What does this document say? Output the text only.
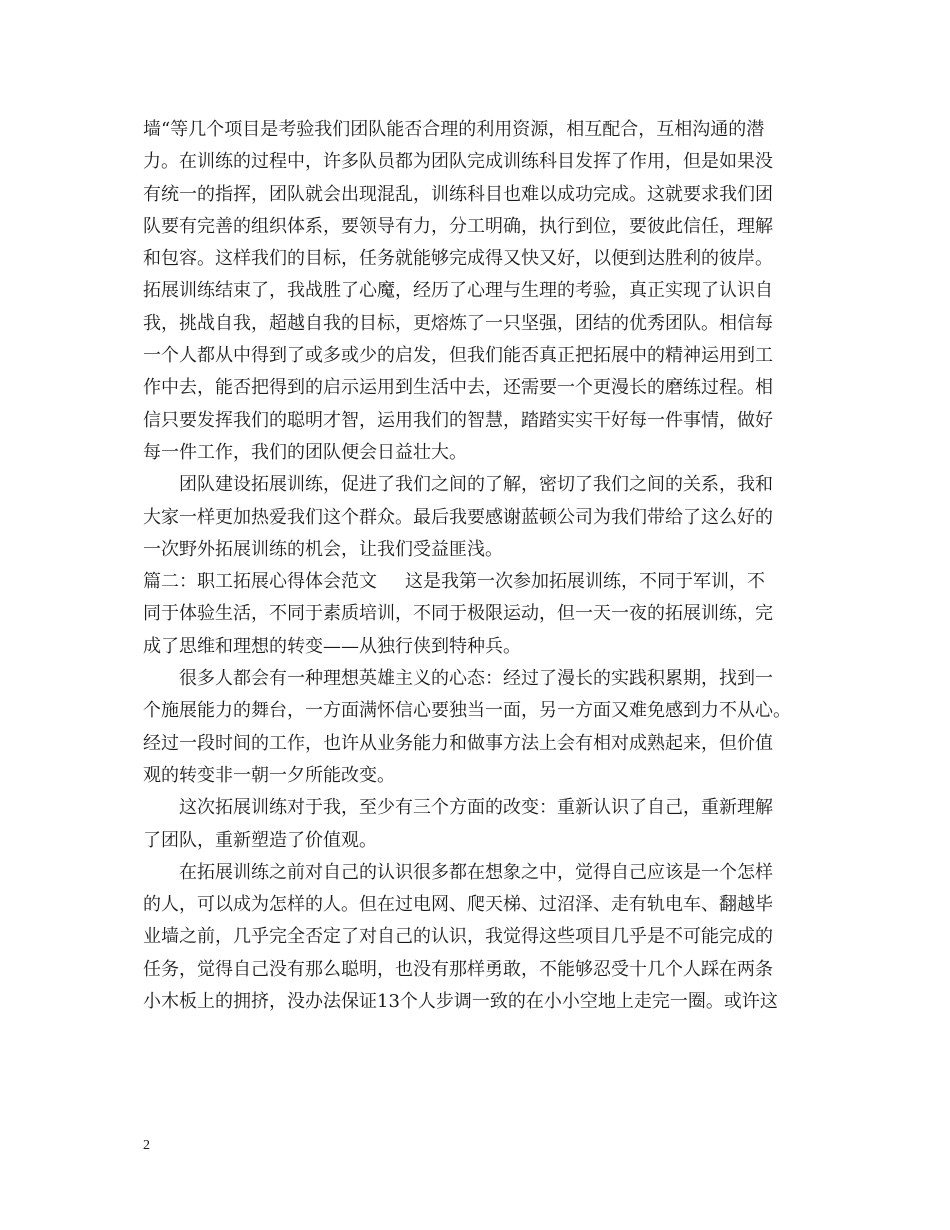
墙“等几个项目是考验我们团队能否合理的利用资源，相互配合，互相沟通的潜
力。在训练的过程中，许多队员都为团队完成训练科目发挥了作用，但是如果没
有统一的指挥，团队就会出现混乱，训练科目也难以成功完成。这就要求我们团
队要有完善的组织体系，要领导有力，分工明确，执行到位，要彼此信任，理解
和包容。这样我们的目标，任务就能够完成得又快又好，以便到达胜利的彼岸。
拓展训练结束了，我战胜了心魔，经历了心理与生理的考验，真正实现了认识自
我，挑战自我，超越自我的目标，更熔炼了一只坚强，团结的优秀团队。相信每
一个人都从中得到了或多或少的启发，但我们能否真正把拓展中的精神运用到工
作中去，能否把得到的启示运用到生活中去，还需要一个更漫长的磨练过程。相
信只要发挥我们的聪明才智，运用我们的智慧，踏踏实实干好每一件事情，做好
每一件工作，我们的团队便会日益壮大。
团队建设拓展训练，促进了我们之间的了解，密切了我们之间的关系，我和
大家一样更加热爱我们这个群众。最后我要感谢蓝顿公司为我们带给了这么好的
一次野外拓展训练的机会，让我们受益匪浅。
篇二：职工拓展心得体会范文 这是我第一次参加拓展训练，不同于军训，不
同于体验生活，不同于素质培训，不同于极限运动，但一天一夜的拓展训练，完
成了思维和理想的转变——从独行侠到特种兵。
很多人都会有一种理想英雄主义的心态：经过了漫长的实践积累期，找到一
个施展能力的舞台，一方面满怀信心要独当一面，另一方面又难免感到力不从心。
经过一段时间的工作，也许从业务能力和做事方法上会有相对成熟起来，但价值
观的转变非一朝一夕所能改变。
这次拓展训练对于我，至少有三个方面的改变：重新认识了自己，重新理解
了团队，重新塑造了价值观。
在拓展训练之前对自己的认识很多都在想象之中，觉得自己应该是一个怎样
的人，可以成为怎样的人。但在过电网、爬天梯、过沼泽、走有轨电车、翻越毕
业墙之前，几乎完全否定了对自己的认识，我觉得这些项目几乎是不可能完成的
任务，觉得自己没有那么聪明，也没有那样勇敢，不能够忍受十几个人踩在两条
小木板上的拥挤，没办法保证13个人步调一致的在小小空地上走完一圈。或许这
2
